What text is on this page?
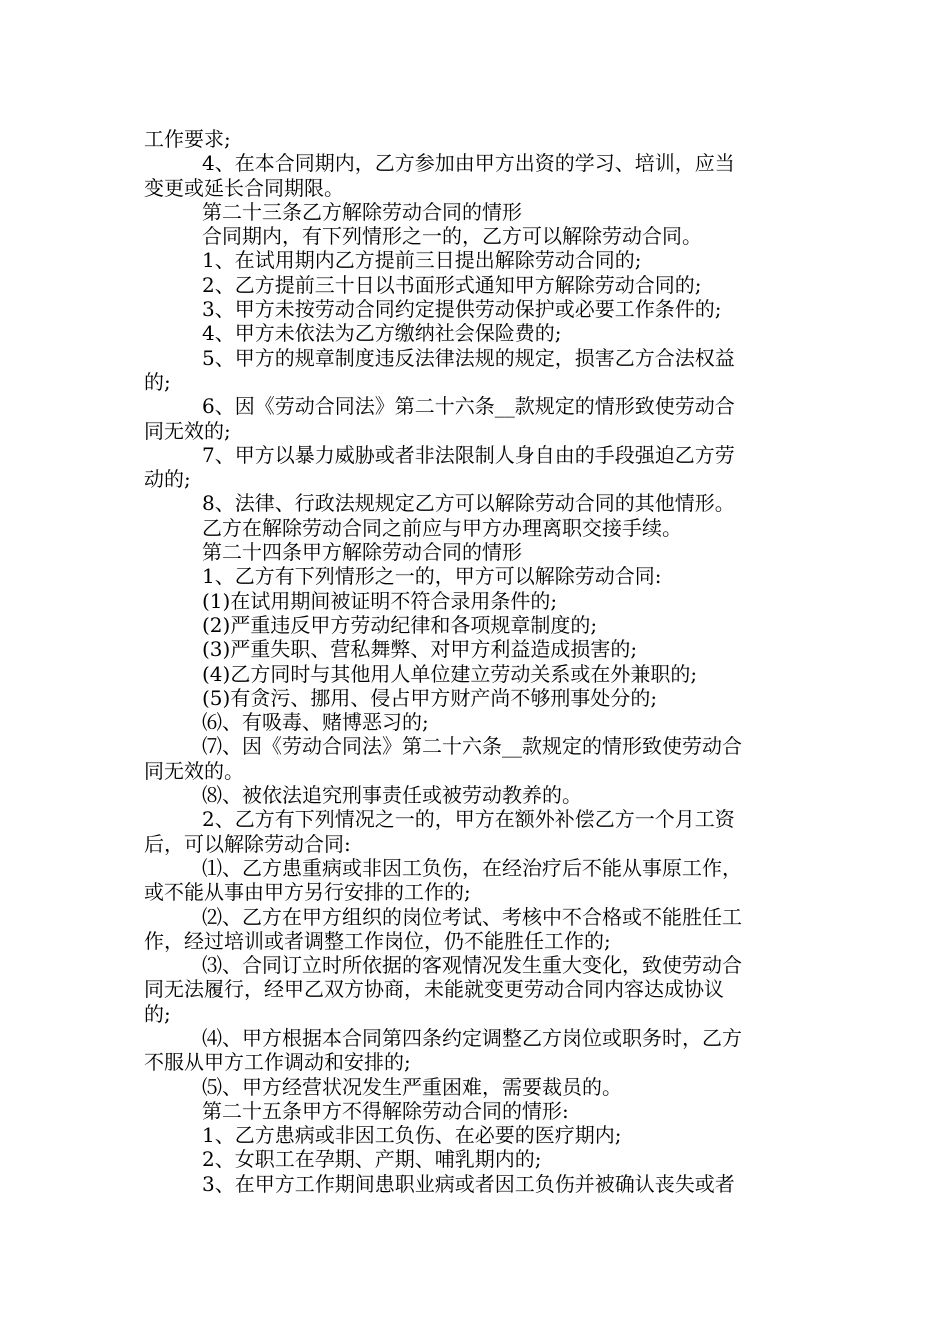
工作要求;
4、在本合同期内，乙方参加由甲方出资的学习、培训，应当
变更或延长合同期限。
第二十三条乙方解除劳动合同的情形
合同期内，有下列情形之一的，乙方可以解除劳动合同。
1、在试用期内乙方提前三日提出解除劳动合同的;
2、乙方提前三十日以书面形式通知甲方解除劳动合同的;
3、甲方未按劳动合同约定提供劳动保护或必要工作条件的;
4、甲方未依法为乙方缴纳社会保险费的;
5、甲方的规章制度违反法律法规的规定，损害乙方合法权益
的;
6、因《劳动合同法》第二十六条__款规定的情形致使劳动合
同无效的;
7、甲方以暴力威胁或者非法限制人身自由的手段强迫乙方劳
动的;
8、法律、行政法规规定乙方可以解除劳动合同的其他情形。
乙方在解除劳动合同之前应与甲方办理离职交接手续。
第二十四条甲方解除劳动合同的情形
1、乙方有下列情形之一的，甲方可以解除劳动合同:
(1)在试用期间被证明不符合录用条件的;
(2)严重违反甲方劳动纪律和各项规章制度的;
(3)严重失职、营私舞弊、对甲方利益造成损害的;
(4)乙方同时与其他用人单位建立劳动关系或在外兼职的;
(5)有贪污、挪用、侵占甲方财产尚不够刑事处分的;
⑹、有吸毒、赌博恶习的;
⑺、因《劳动合同法》第二十六条__款规定的情形致使劳动合
同无效的。
⑻、被依法追究刑事责任或被劳动教养的。
2、乙方有下列情况之一的，甲方在额外补偿乙方一个月工资
后，可以解除劳动合同:
⑴、乙方患重病或非因工负伤，在经治疗后不能从事原工作，
或不能从事由甲方另行安排的工作的;
⑵、乙方在甲方组织的岗位考试、考核中不合格或不能胜任工
作，经过培训或者调整工作岗位，仍不能胜任工作的;
⑶、合同订立时所依据的客观情况发生重大变化，致使劳动合
同无法履行，经甲乙双方协商，未能就变更劳动合同内容达成协议
的;
⑷、甲方根据本合同第四条约定调整乙方岗位或职务时，乙方
不服从甲方工作调动和安排的;
⑸、甲方经营状况发生严重困难，需要裁员的。
第二十五条甲方不得解除劳动合同的情形:
1、乙方患病或非因工负伤、在必要的医疗期内;
2、女职工在孕期、产期、哺乳期内的;
3、在甲方工作期间患职业病或者因工负伤并被确认丧失或者
